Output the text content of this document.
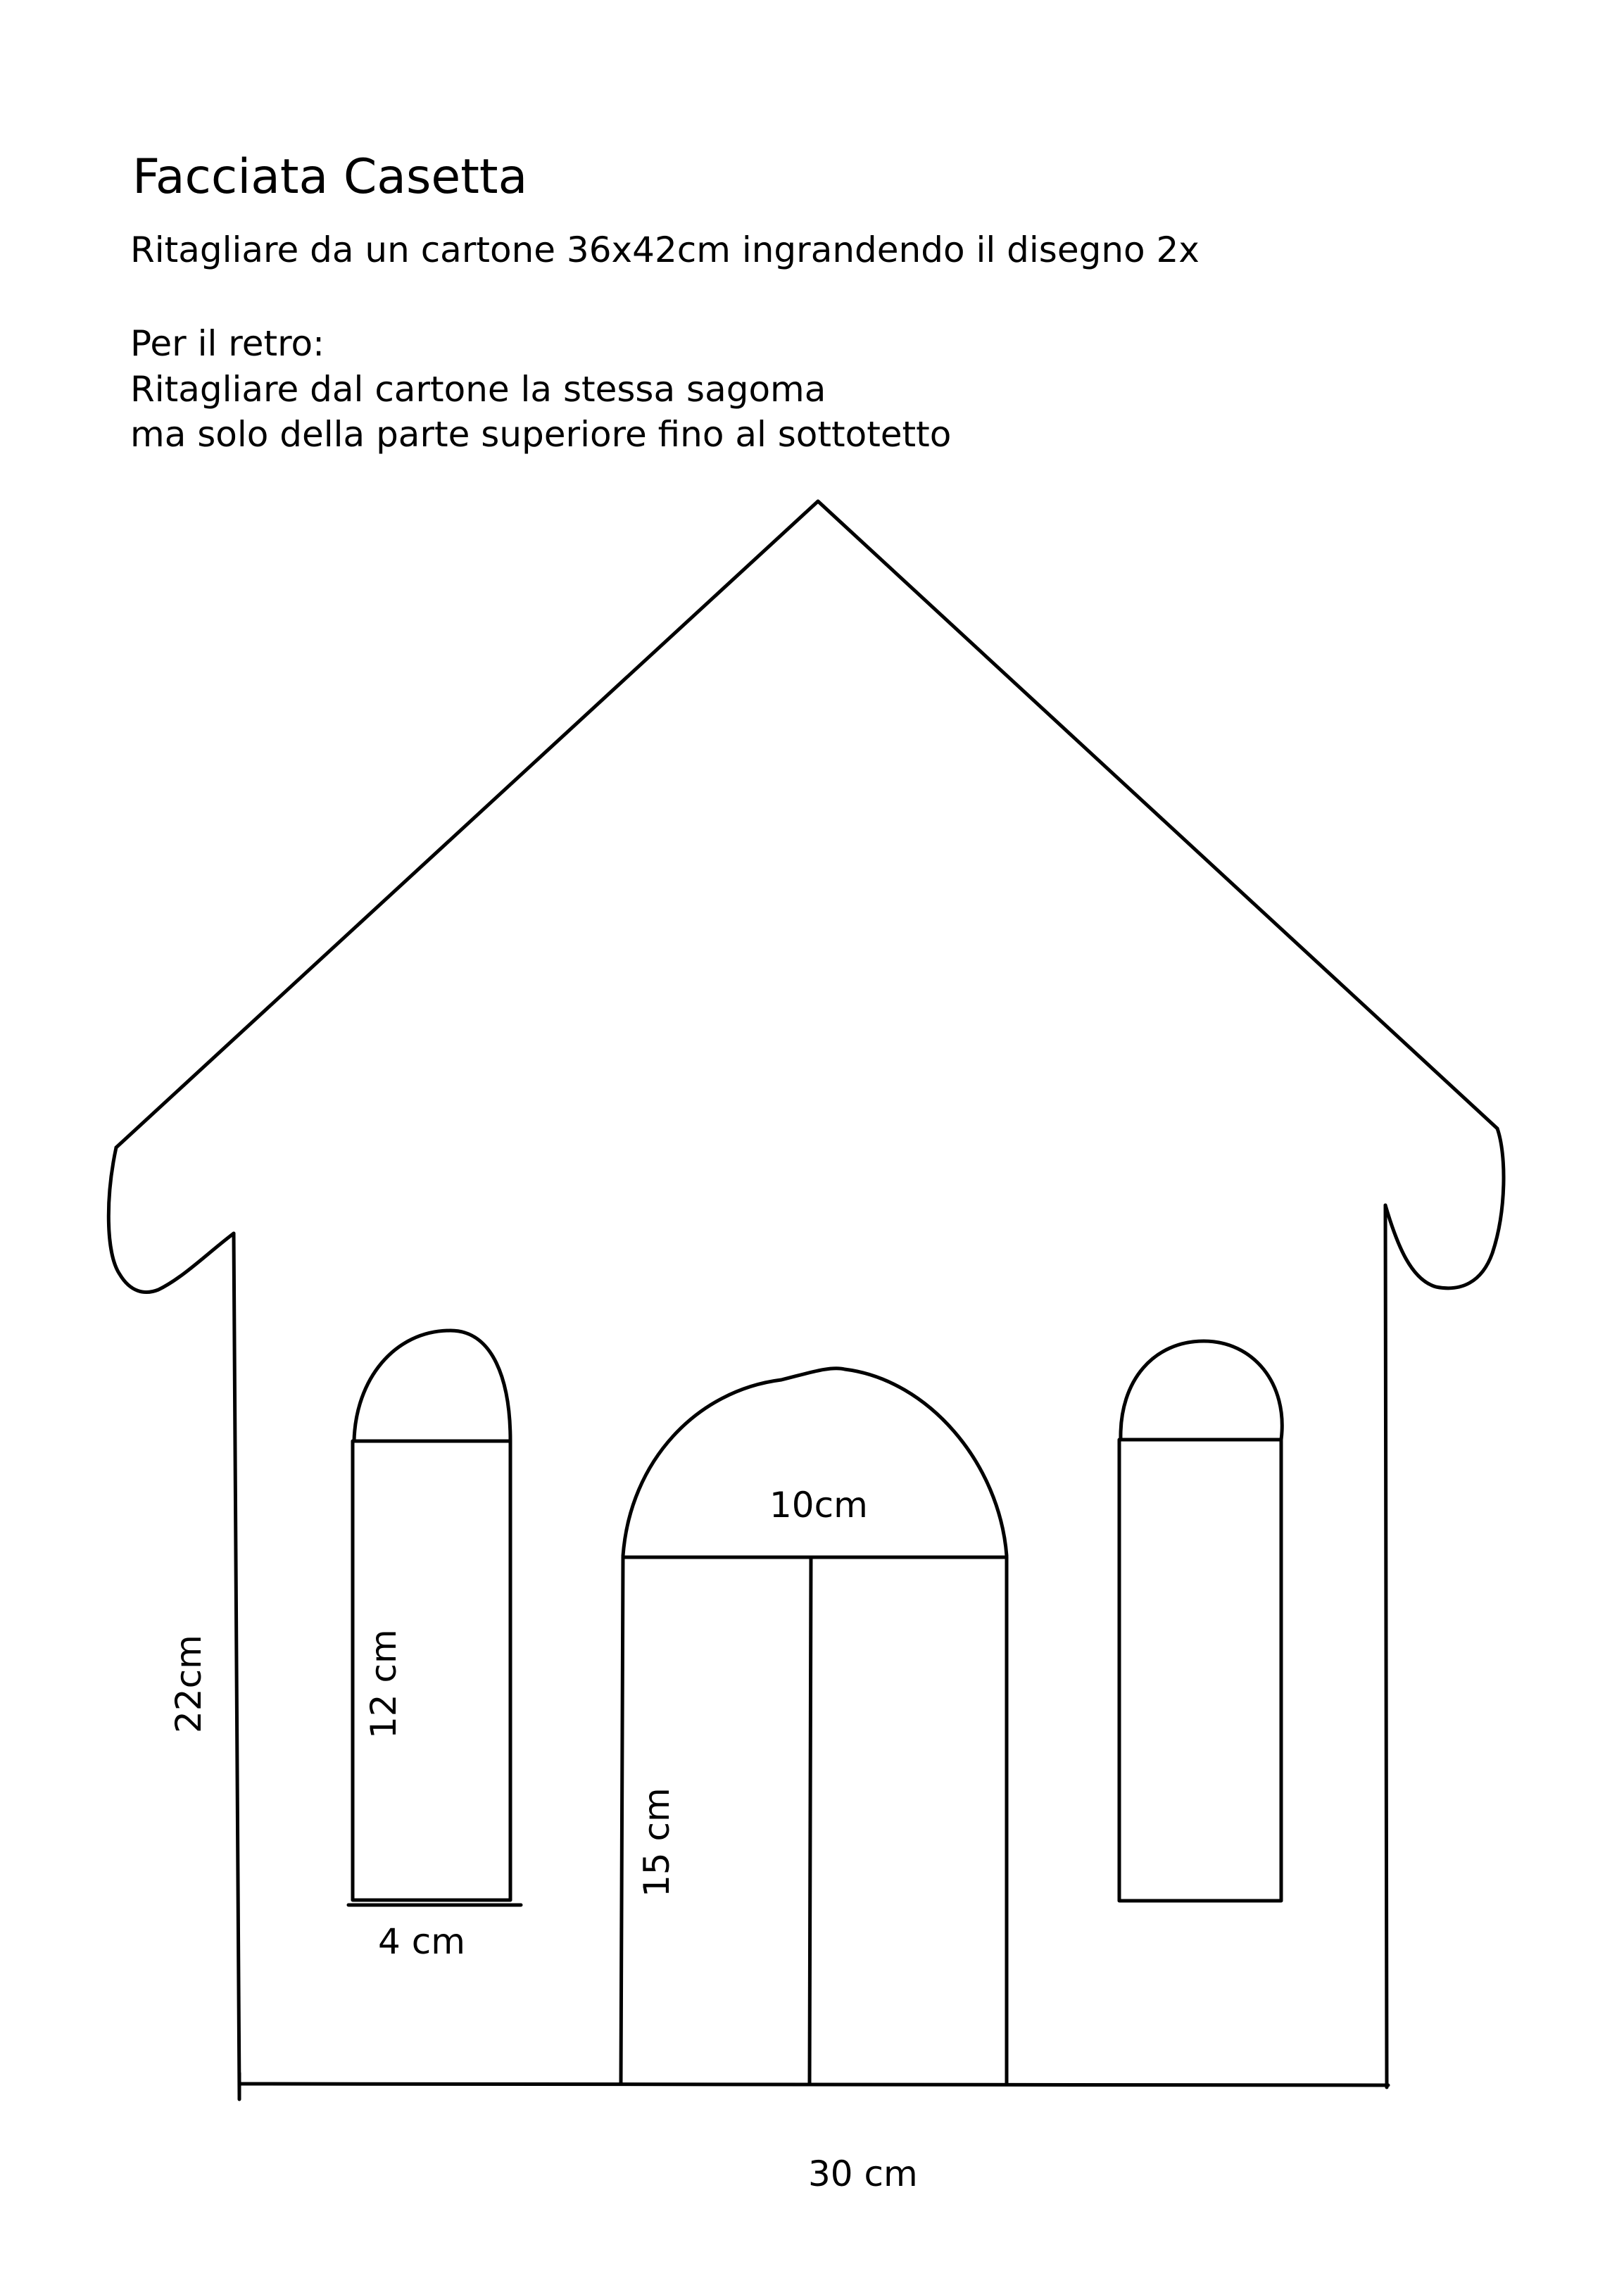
Facciata Casetta
Ritagliare da un cartone 36x42cm ingrandendo il disegno 2x
Per il retro:
Ritagliare dal cartone la stessa sagoma
ma solo della parte superiore fino al sottotetto
10cm
22cm	12 cm
15 cm
4 cm
30 cm
